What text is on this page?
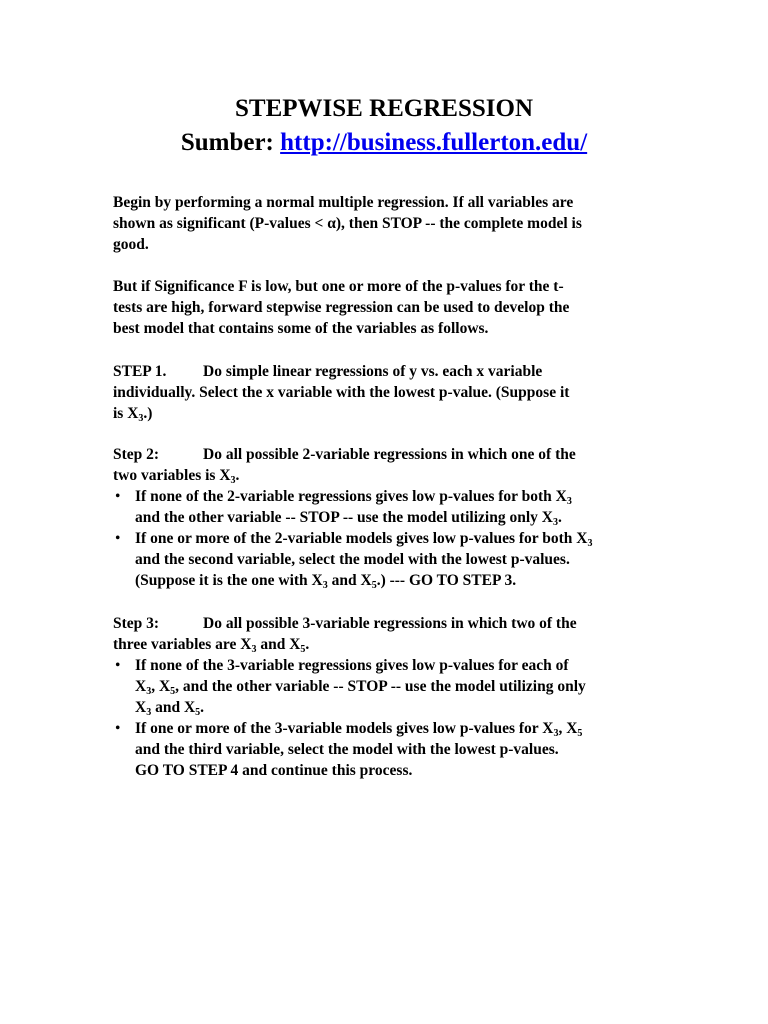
STEPWISE REGRESSION
Sumber: http://business.fullerton.edu/
Begin by performing a normal multiple regression. If all variables are
shown as significant (P-values < α), then STOP -- the complete model is
good.
But if Significance F is low, but one or more of the p-values for the t-
tests are high, forward stepwise regression can be used to develop the
best model that contains some of the variables as follows.
STEP 1. Do simple linear regressions of y vs. each x variable
individually. Select the x variable with the lowest p-value. (Suppose it
is $X_3$.)
Step 2:	Do all possible 2-variable regressions in which one of the
two variables is $X_3$.
• If none of the 2-variable regressions gives low p-values for both $X_3$
and the other variable -- STOP -- use the model utilizing only $X_3$.
• If one or more of the 2-variable models gives low p-values for both $X_3$
and the second variable, select the model with the lowest p-values.
(Suppose it is the one with $X_3$ and $X_5$.) --- GO TO STEP 3.
Step 3:	Do all possible 3-variable regressions in which two of the
three variables are $X_3$ and $X_5$.
• If none of the 3-variable regressions gives low p-values for each of
$X_3$, $X_5$, and the other variable -- STOP -- use the model utilizing only
$X_3$ and $X_5$.
• If one or more of the 3-variable models gives low p-values for $X_3$, $X_5$
and the third variable, select the model with the lowest p-values.
GO TO STEP 4 and continue this process.
